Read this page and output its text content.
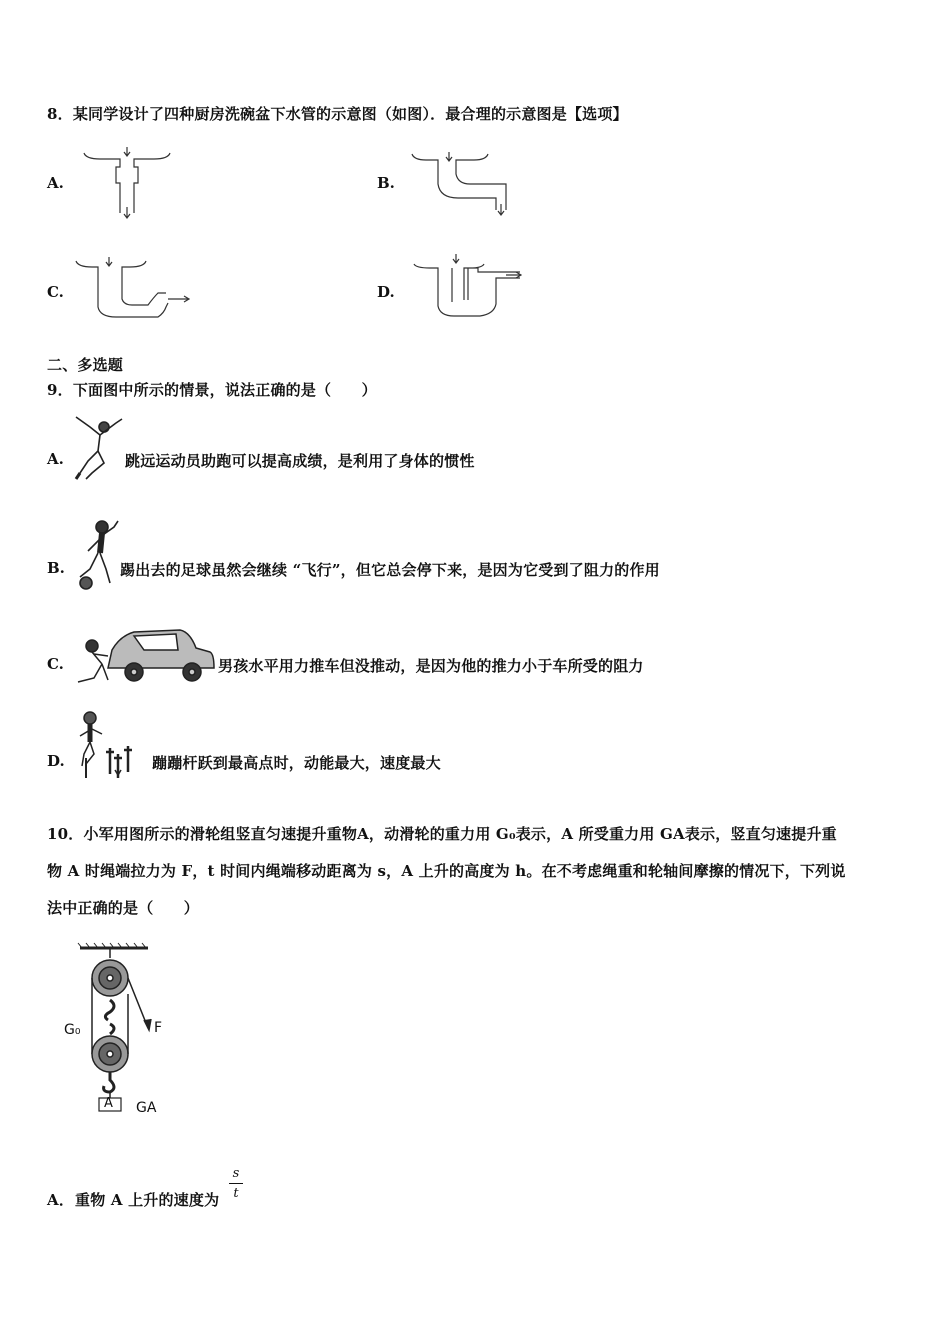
8．某同学设计了四种厨房洗碗盆下水管的示意图（如图）．最合理的示意图是【选项】
A.	B.
C.	D.
二、多选题
9．下面图中所示的情景，说法正确的是（　　）
A.	跳远运动员助跑可以提高成绩，是利用了身体的惯性
B.	踢出去的足球虽然会继续 “飞行”，但它总会停下来，是因为它受到了阻力的作用
C.	男孩水平用力推车但没推动，是因为他的推力小于车所受的阻力
D.	蹦蹦杆跃到最高点时，动能最大，速度最大
10．小军用图所示的滑轮组竖直匀速提升重物A，动滑轮的重力用 G₀表示，A 所受重力用 GA表示，竖直匀速提升重
物 A 时绳端拉力为 F，t 时间内绳端移动距离为 s，A 上升的高度为 h。在不考虑绳重和轮轴间摩擦的情况下，下列说
法中正确的是（　　）
G₀	F
A GA
A． 重物 A 上升的速度为
s
t
